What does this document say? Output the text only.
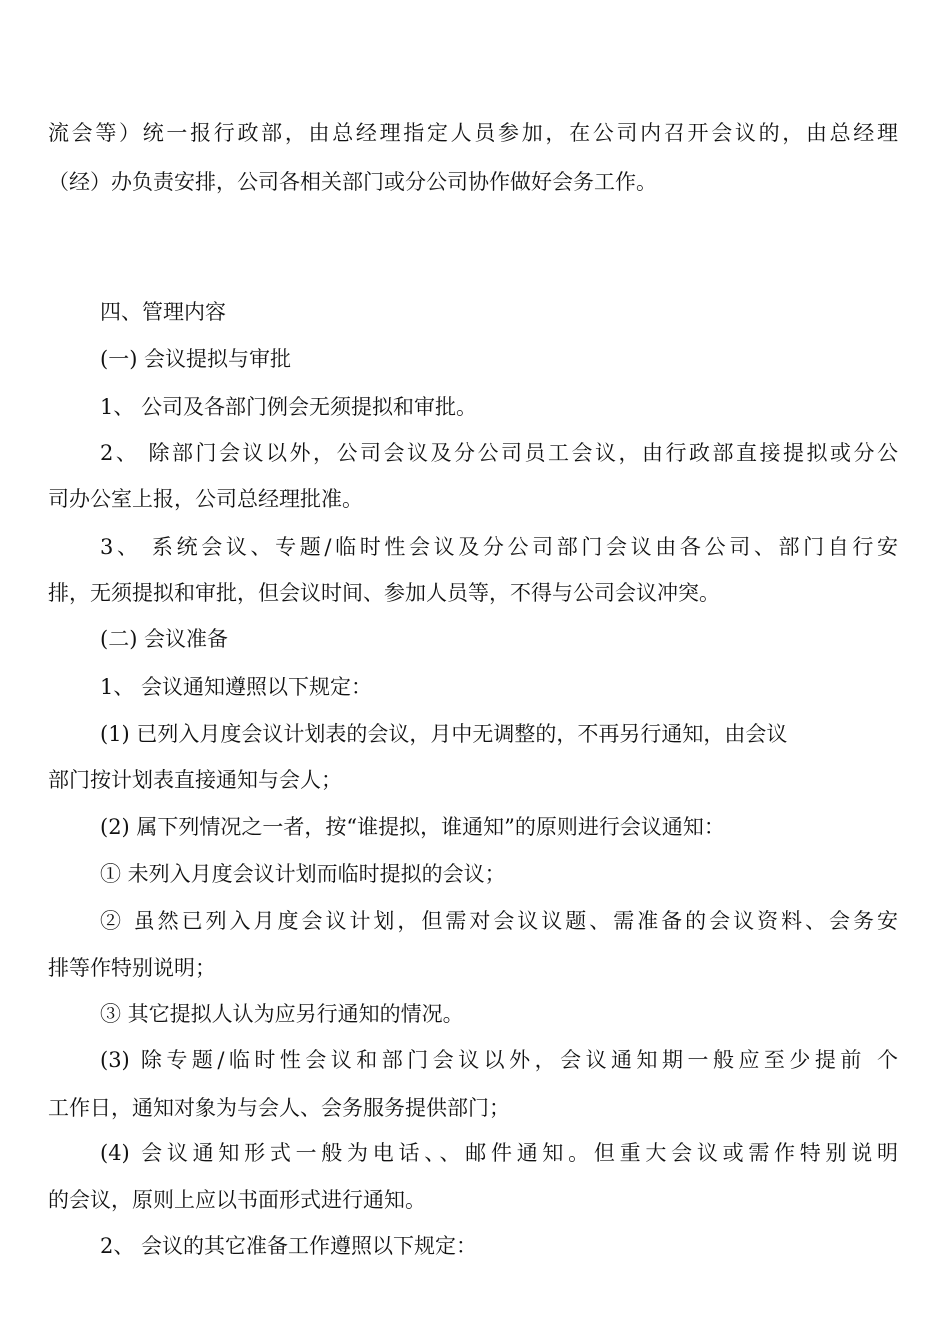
流会等）统一报行政部，由总经理指定人员参加，在公司内召开会议的，由总经理

（经）办负责安排，公司各相关部门或分公司协作做好会务工作。

四、管理内容

(一) 会议提拟与审批

1、 公司及各部门例会无须提拟和审批。

2、 除部门会议以外，公司会议及分公司员工会议，由行政部直接提拟或分公

司办公室上报，公司总经理批准。

3、 系统会议、专题/临时性会议及分公司部门会议由各公司、部门自行安

排，无须提拟和审批，但会议时间、参加人员等，不得与公司会议冲突。

(二) 会议准备

1、 会议通知遵照以下规定：

(1) 已列入月度会议计划表的会议，月中无调整的，不再另行通知，由会议

部门按计划表直接通知与会人；

(2) 属下列情况之一者，按“谁提拟，谁通知”的原则进行会议通知：

① 未列入月度会议计划而临时提拟的会议；

② 虽然已列入月度会议计划，但需对会议议题、需准备的会议资料、会务安

排等作特别说明；

③ 其它提拟人认为应另行通知的情况。

(3) 除专题/临时性会议和部门会议以外，会议通知期一般应至少提前 个

工作日，通知对象为与会人、会务服务提供部门；

(4) 会议通知形式一般为电话、、邮件通知。但重大会议或需作特别说明

的会议，原则上应以书面形式进行通知。

2、 会议的其它准备工作遵照以下规定：
